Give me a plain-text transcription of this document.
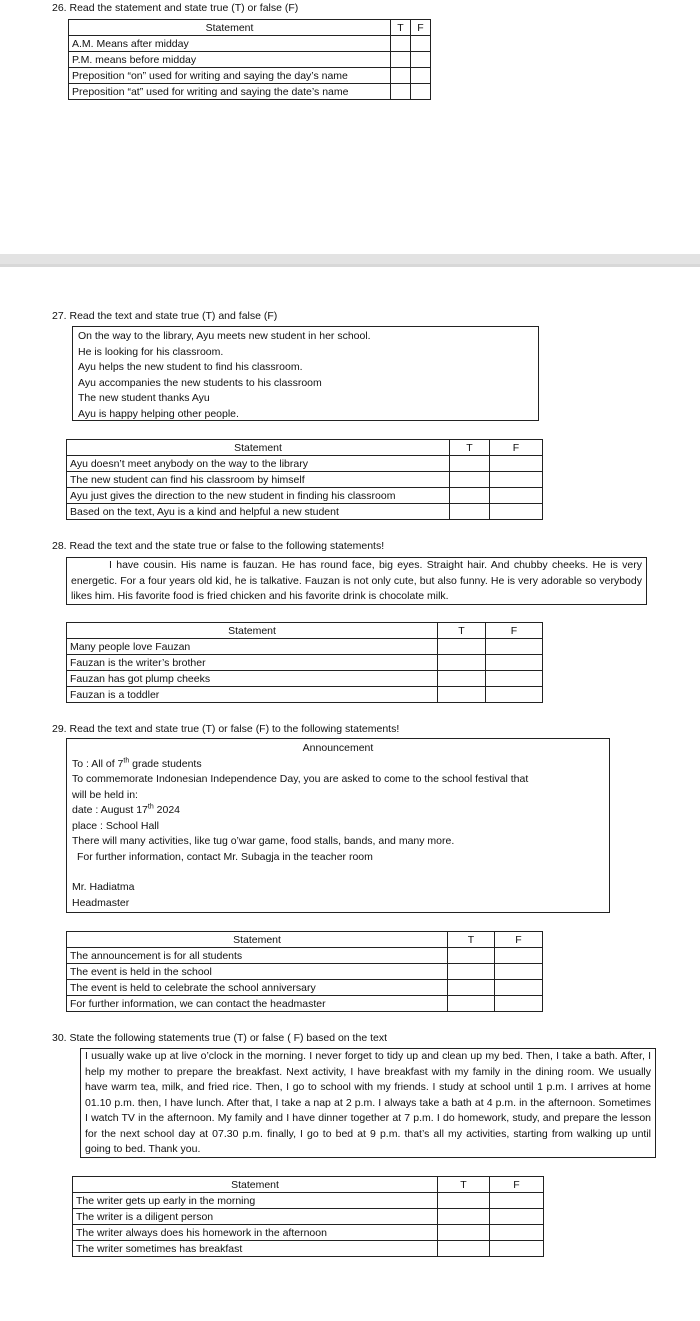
26. Read the statement and state true (T) or false (F)
Statement	T	F
A.M. Means after midday		
P.M. means before midday		
Preposition “on” used for writing and saying the day’s name		
Preposition “at” used for writing and saying the date’s name		
27. Read the text and state true (T) and false (F)
On the way to the library, Ayu meets new student in her school.
He is looking for his classroom.
Ayu helps the new student to find his classroom.
Ayu accompanies the new students to his classroom
The new student thanks Ayu
Ayu is happy helping other people.
Statement	T	F
Ayu doesn’t meet anybody on the way to the library		
The new student can find his classroom by himself		
Ayu just gives the direction to the new student in finding his classroom		
Based on the text, Ayu is a kind and helpful a new student		
28. Read the text and the state true or false to the following statements!
I have cousin. His name is fauzan. He has round face, big eyes. Straight hair. And chubby cheeks. He is very energetic. For a four years old kid, he is talkative. Fauzan is not only cute, but also funny. He is very adorable so verybody likes him. His favorite food is fried chicken and his favorite drink is chocolate milk.
Statement	T	F
Many people love Fauzan		
Fauzan is the writer’s brother		
Fauzan has got plump cheeks		
Fauzan is a toddler		
29. Read the text and state true (T) or false (F) to the following statements!
Announcement
To : All of 7th grade students
To commemorate Indonesian Independence Day, you are asked to come to the school festival that
will be held in:
date : August 17th 2024
place : School Hall
There will many activities, like tug o’war game, food stalls, bands, and many more.
For further information, contact Mr. Subagja in the teacher room
Mr. Hadiatma
Headmaster
Statement	T	F
The announcement is for all students		
The event is held in the school		
The event is held to celebrate the school anniversary		
For further information, we can contact the headmaster		
30. State the following statements true (T) or false ( F) based on the text
I usually wake up at live o’clock in the morning. I never forget to tidy up and clean up my bed. Then, I take a bath. After, I help my mother to prepare the breakfast. Next activity, I have breakfast with my family in the dining room. We usually have warm tea, milk, and fried rice. Then, I go to school with my friends. I study at school until 1 p.m. I arrives at home 01.10 p.m. then, I have lunch. After that, I take a nap at 2 p.m. I always take a bath at 4 p.m. in the afternoon. Sometimes I watch TV in the afternoon. My family and I have dinner together at 7 p.m. I do homework, study, and prepare the lesson for the next school day at 07.30 p.m. finally, I go to bed at 9 p.m. that’s all my activities, starting from walking up until going to bed. Thank you.
Statement	T	F
The writer gets up early in the morning		
The writer is a diligent person		
The writer always does his homework in the afternoon		
The writer sometimes has breakfast		
